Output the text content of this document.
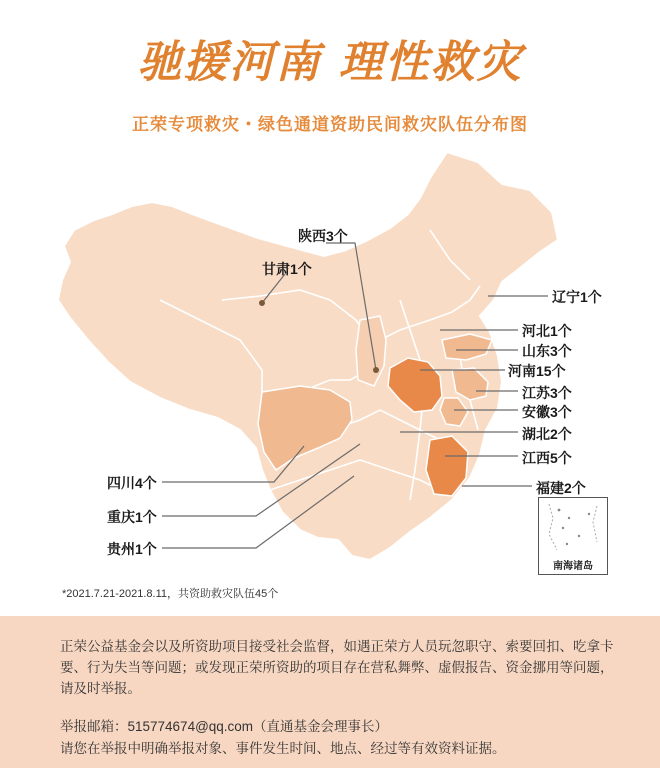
驰援河南 理性救灾
正荣专项救灾・绿色通道资助民间救灾队伍分布图
陕西3个
甘肃1个
辽宁1个
河北1个
山东3个
河南15个
江苏3个
安徽3个
湖北2个
江西5个
福建2个
四川4个
重庆1个
贵州1个
南海诸岛
*2021.7.21-2021.8.11，共资助救灾队伍45个

正荣公益基金会以及所资助项目接受社会监督，如遇正荣方人员玩忽职守、索要回扣、吃拿卡要、行为失当等问题；或发现正荣所资助的项目存在营私舞弊、虚假报告、资金挪用等问题，请及时举报。

举报邮箱：515774674@qq.com（直通基金会理事长）

请您在举报中明确举报对象、事件发生时间、地点、经过等有效资料证据。
